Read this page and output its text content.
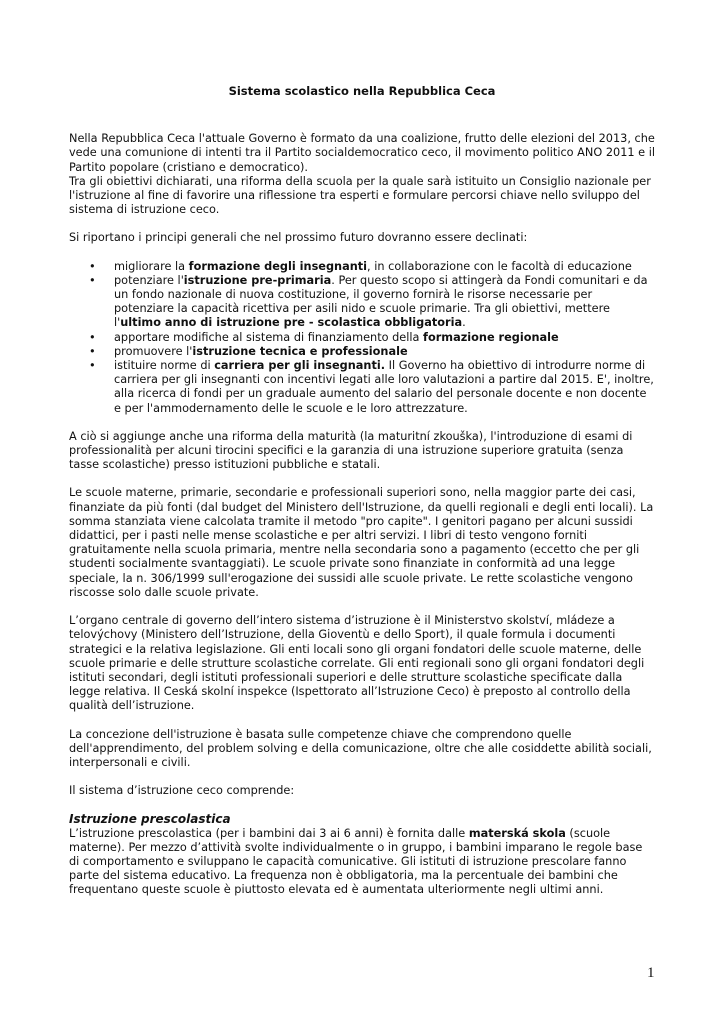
Sistema scolastico nella Repubblica Ceca

Nella Repubblica Ceca l'attuale Governo è formato da una coalizione, frutto delle elezioni del 2013, che vede una comunione di intenti tra il Partito socialdemocratico ceco, il movimento politico ANO 2011 e il Partito popolare (cristiano e democratico).

Tra gli obiettivi dichiarati, una riforma della scuola per la quale sarà istituito un Consiglio nazionale per l'istruzione al fine di favorire una riflessione tra esperti e formulare percorsi chiave nello sviluppo del sistema di istruzione ceco.

Si riportano i principi generali che nel prossimo futuro dovranno essere declinati:

• migliorare la formazione degli insegnanti, in collaborazione con le facoltà di educazione
• potenziare l'istruzione pre-primaria. Per questo scopo si attingerà da Fondi comunitari e da un fondo nazionale di nuova costituzione, il governo fornirà le risorse necessarie per potenziare la capacità ricettiva per asili nido e scuole primarie. Tra gli obiettivi, mettere l'ultimo anno di istruzione pre - scolastica obbligatoria.
• apportare modifiche al sistema di finanziamento della formazione regionale
• promuovere l'istruzione tecnica e professionale
• istituire norme di carriera per gli insegnanti. Il Governo ha obiettivo di introdurre norme di carriera per gli insegnanti con incentivi legati alle loro valutazioni a partire dal 2015. E', inoltre, alla ricerca di fondi per un graduale aumento del salario del personale docente e non docente e per l'ammodernamento delle le scuole e le loro attrezzature.

A ciò si aggiunge anche una riforma della maturità (la maturitní zkouška), l'introduzione di esami di professionalità per alcuni tirocini specifici e la garanzia di una istruzione superiore gratuita (senza tasse scolastiche) presso istituzioni pubbliche e statali.

Le scuole materne, primarie, secondarie e professionali superiori sono, nella maggior parte dei casi, finanziate da più fonti (dal budget del Ministero dell'Istruzione, da quelli regionali e degli enti locali). La somma stanziata viene calcolata tramite il metodo "pro capite". I genitori pagano per alcuni sussidi didattici, per i pasti nelle mense scolastiche e per altri servizi. I libri di testo vengono forniti gratuitamente nella scuola primaria, mentre nella secondaria sono a pagamento (eccetto che per gli studenti socialmente svantaggiati). Le scuole private sono finanziate in conformità ad una legge speciale, la n. 306/1999 sull'erogazione dei sussidi alle scuole private. Le rette scolastiche vengono riscosse solo dalle scuole private.

L’organo centrale di governo dell’intero sistema d’istruzione è il Ministerstvo skolství, mládeze a telovýchovy (Ministero dell’Istruzione, della Gioventù e dello Sport), il quale formula i documenti strategici e la relativa legislazione. Gli enti locali sono gli organi fondatori delle scuole materne, delle scuole primarie e delle strutture scolastiche correlate. Gli enti regionali sono gli organi fondatori degli istituti secondari, degli istituti professionali superiori e delle strutture scolastiche specificate dalla legge relativa. Il Ceská skolní inspekce (Ispettorato all’Istruzione Ceco) è preposto al controllo della qualità dell’istruzione.

La concezione dell'istruzione è basata sulle competenze chiave che comprendono quelle dell'apprendimento, del problem solving e della comunicazione, oltre che alle cosiddette abilità sociali, interpersonali e civili.

Il sistema d’istruzione ceco comprende:

Istruzione prescolastica

L’istruzione prescolastica (per i bambini dai 3 ai 6 anni) è fornita dalle materská skola (scuole materne). Per mezzo d’attività svolte individualmente o in gruppo, i bambini imparano le regole base di comportamento e sviluppano le capacità comunicative. Gli istituti di istruzione prescolare fanno parte del sistema educativo. La frequenza non è obbligatoria, ma la percentuale dei bambini che frequentano queste scuole è piuttosto elevata ed è aumentata ulteriormente negli ultimi anni.

1
